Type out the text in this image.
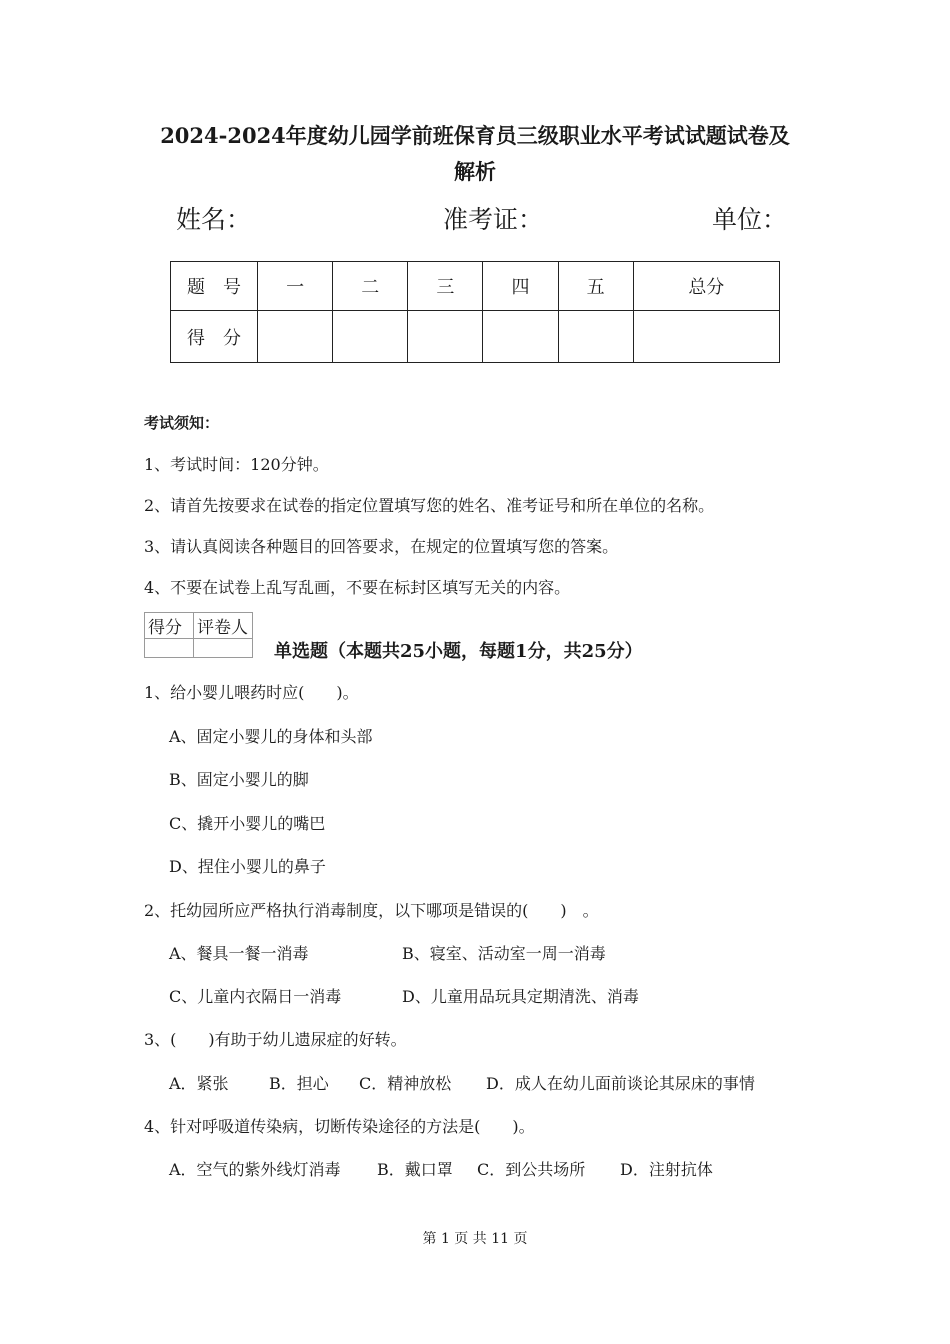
2024-2024年度幼儿园学前班保育员三级职业水平考试试题试卷及
解析
姓名：	准考证：	单位：
题　号	一	二	三	四	五	总分
得　分						
考试须知：
1、考试时间：120分钟。
2、请首先按要求在试卷的指定位置填写您的姓名、准考证号和所在单位的名称。
3、请认真阅读各种题目的回答要求，在规定的位置填写您的答案。
4、不要在试卷上乱写乱画，不要在标封区填写无关的内容。
得分	评卷人

单选题（本题共25小题，每题1分，共25分）
1、给小婴儿喂药时应(　　)。
A、固定小婴儿的身体和头部
B、固定小婴儿的脚
C、撬开小婴儿的嘴巴
D、捏住小婴儿的鼻子
2、托幼园所应严格执行消毒制度，以下哪项是错误的(　　)　。
A、餐具一餐一消毒	B、寝室、活动室一周一消毒
C、儿童内衣隔日一消毒	D、儿童用品玩具定期清洗、消毒
3、(　　)有助于幼儿遗尿症的好转。
A．紧张	B．担心 C．精神放松 D．成人在幼儿面前谈论其尿床的事情
4、针对呼吸道传染病，切断传染途径的方法是(　　)。
A．空气的紫外线灯消毒 B．戴口罩 C．到公共场所 D．注射抗体
第 1 页 共 11 页
